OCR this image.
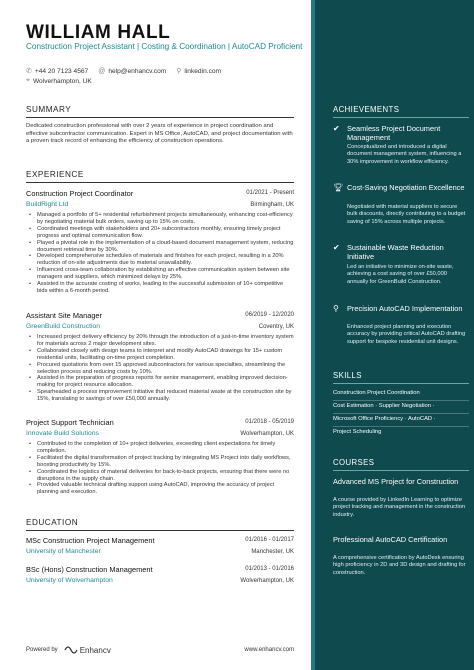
WILLIAM HALL
Construction Project Assistant | Costing & Coordination | AutoCAD Proficient
✆ +44 20 7123 4567 @ help@enhancv.com ⚲ linkedin.com
⌖ Wolverhampton, UK
SUMMARY
Dedicated construction professional with over 2 years of experience in project coordination and effective subcontractor communication. Expert in MS Office, AutoCAD, and project documentation with a proven track record of enhancing the efficiency of construction operations.
EXPERIENCE
Construction Project Coordinator	01/2021 - Present
BuildRight Ltd	Birmingham, UK
• Managed a portfolio of 5+ residential refurbishment projects simultaneously, enhancing cost-efficiency by negotiating material bulk orders, saving up to 15% on costs.
• Coordinated meetings with stakeholders and 20+ subcontractors monthly, ensuring timely project progress and optimal communication flow.
• Played a pivotal role in the implementation of a cloud-based document management system, reducing document retrieval time by 30%.
• Developed comprehensive schedules of materials and finishes for each project, resulting in a 20% reduction of on-site adjustments due to material unavailability.
• Influenced cross-team collaboration by establishing an effective communication system between site managers and suppliers, which minimized delays by 25%.
• Assisted in the accurate costing of works, leading to the successful submission of 10+ competitive bids within a 6-month period.
Assistant Site Manager	06/2019 - 12/2020
GreenBuild Construction	Coventry, UK
• Increased project delivery efficiency by 20% through the introduction of a just-in-time inventory system for materials across 2 major development sites.
• Collaborated closely with design teams to interpret and modify AutoCAD drawings for 15+ custom residential units, facilitating on-time project completion.
• Procured quotations from over 15 approved subcontractors for various specialties, streamlining the selection process and reducing costs by 10%.
• Assisted in the preparation of progress reports for senior management, enabling improved decision-making for project resource allocation.
• Spearheaded a process improvement initiative that reduced material waste at the construction site by 15%, translating to savings of over £50,000 annually.
Project Support Technician	01/2018 - 05/2019
Innovate Build Solutions	Wolverhampton, UK
• Contributed to the completion of 10+ project deliveries, exceeding client expectations for timely completion.
• Facilitated the digital transformation of project tracking by integrating MS Project into daily workflows, boosting productivity by 15%.
• Coordinated the logistics of material deliveries for back-to-back projects, ensuring that there were no disruptions in the supply chain.
• Provided valuable technical drafting support using AutoCAD, improving the accuracy of project planning and execution.
EDUCATION
MSc Construction Project Management	01/2016 - 01/2017
University of Manchester	Manchester, UK
BSc (Hons) Construction Management	01/2013 - 01/2016
University of Wolverhampton	Wolverhampton, UK
Powered by	Enhancv	www.enhancv.com
ACHIEVEMENTS
✔ Seamless Project Document Management
Conceptualized and introduced a digital document management system, influencing a 30% improvement in workflow efficiency.
🏆︎ Cost-Saving Negotiation Excellence
Negotiated with material suppliers to secure bulk discounts, directly contributing to a budget saving of 15% across multiple projects.
✔ Sustainable Waste Reduction Initiative
Led an initiative to minimize on-site waste, achieving a cost saving of over £50,000 annually for GreenBuild Construction.
⚲	Precision AutoCAD Implementation
Enhanced project planning and execution accuracy by providing critical AutoCAD drafting support for bespoke residential unit designs.
SKILLS
Construction Project Coordination
Cost Estimation · Supplier Negotiation ·
Microsoft Office Proficiency · AutoCAD ·
Project Scheduling
COURSES
Advanced MS Project for Construction
A course provided by LinkedIn Learning to optimize project tracking and management in the construction industry.
Professional AutoCAD Certification
A comprehensive certification by AutoDesk ensuring high proficiency in 2D and 3D design and drafting for construction.
